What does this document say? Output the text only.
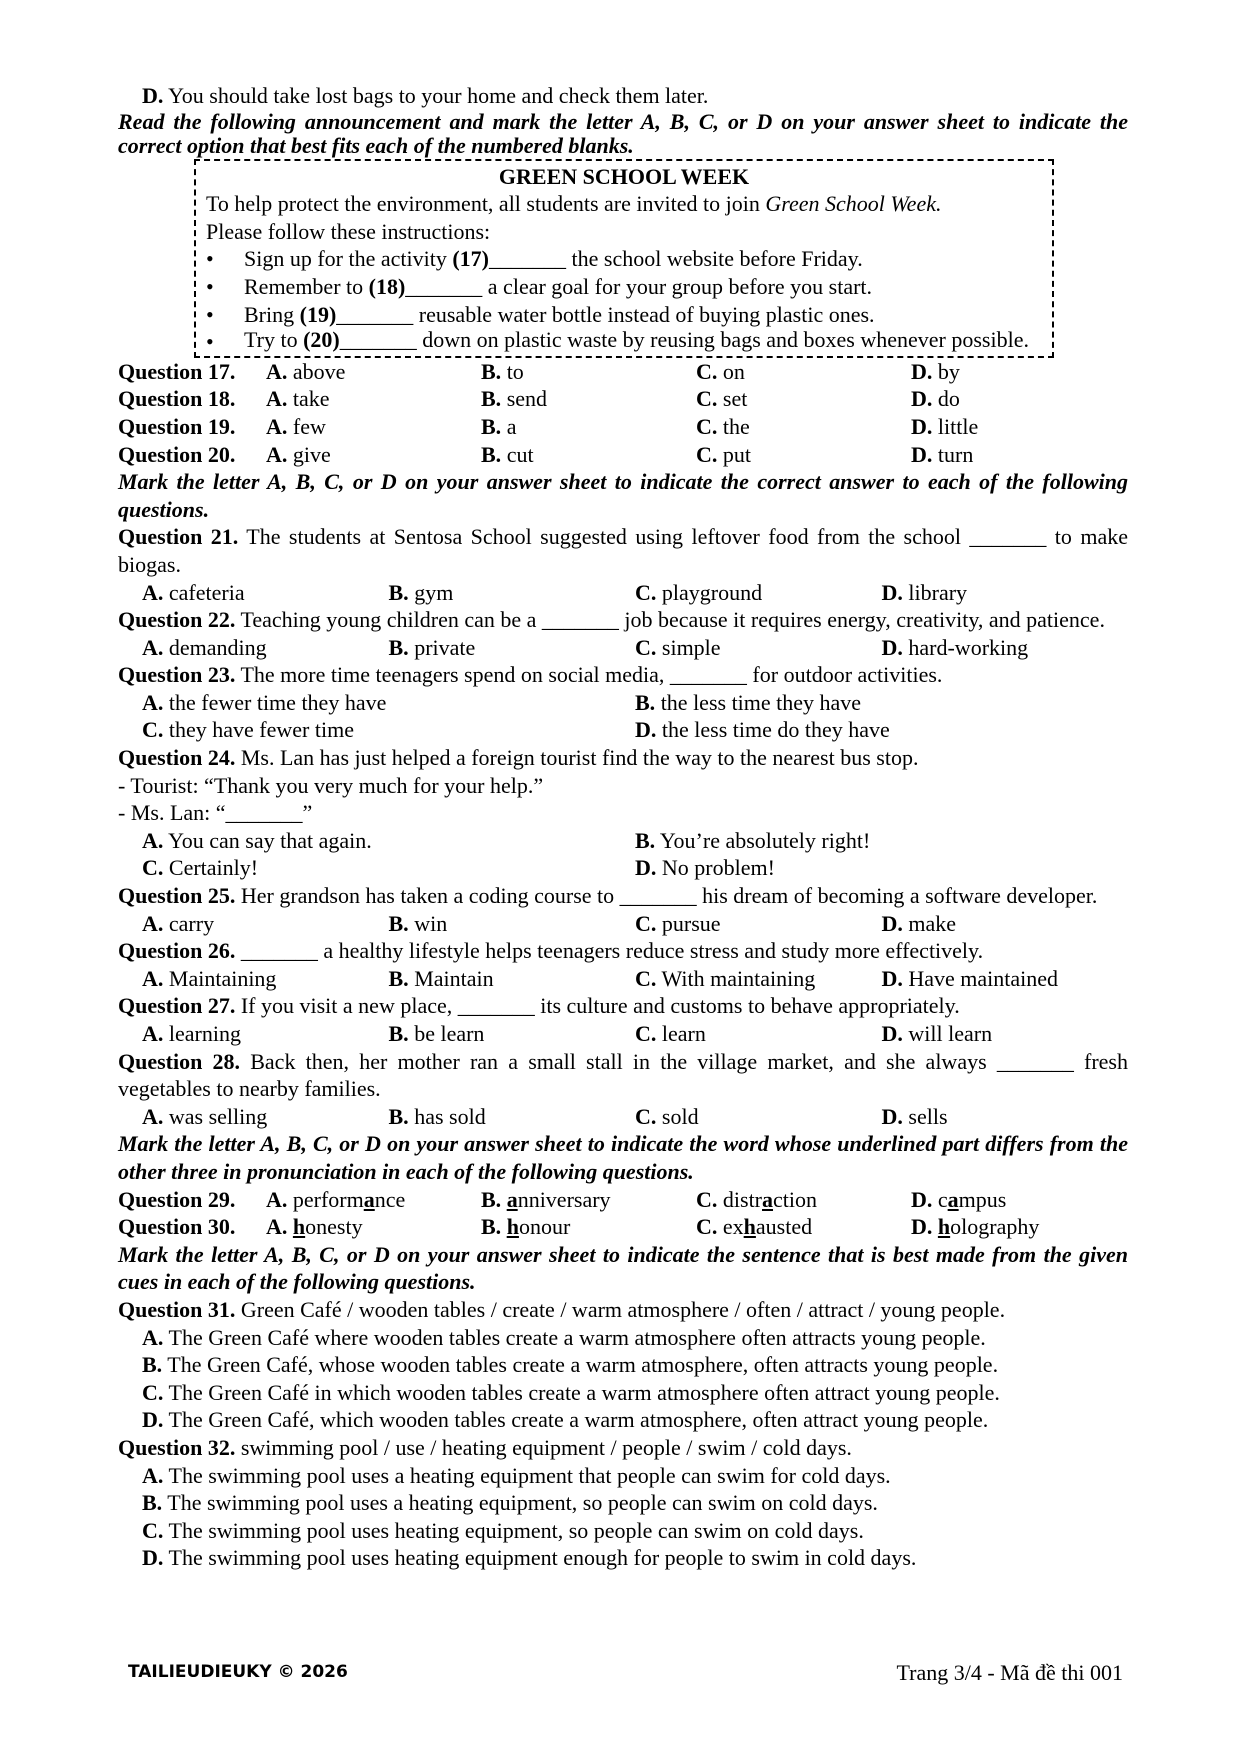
D. You should take lost bags to your home and check them later.
Read the following announcement and mark the letter A, B, C, or D on your answer sheet to indicate the correct option that best fits each of the numbered blanks.
GREEN SCHOOL WEEK
To help protect the environment, all students are invited to join Green School Week.
Please follow these instructions:
•	Sign up for the activity (17)_______ the school website before Friday.
•	Remember to (18)_______ a clear goal for your group before you start.
•	Bring (19)_______ reusable water bottle instead of buying plastic ones.
•	Try to (20)_______ down on plastic waste by reusing bags and boxes whenever possible.
Question 17.	A. above	B. to	C. on	D. by
Question 18.	A. take	B. send	C. set	D. do
Question 19.	A. few	B. a	C. the	D. little
Question 20.	A. give	B. cut	C. put	D. turn
Mark the letter A, B, C, or D on your answer sheet to indicate the correct answer to each of the following questions.
Question 21. The students at Sentosa School suggested using leftover food from the school _______ to make biogas.
A. cafeteria	B. gym	C. playground	D. library
Question 22. Teaching young children can be a _______ job because it requires energy, creativity, and patience.
A. demanding	B. private	C. simple	D. hard-working
Question 23. The more time teenagers spend on social media, _______ for outdoor activities.
A. the fewer time they have	B. the less time they have
C. they have fewer time	D. the less time do they have
Question 24. Ms. Lan has just helped a foreign tourist find the way to the nearest bus stop.
- Tourist: “Thank you very much for your help.”
- Ms. Lan: “_______”
A. You can say that again.	B. You’re absolutely right!
C. Certainly!	D. No problem!
Question 25. Her grandson has taken a coding course to _______ his dream of becoming a software developer.
A. carry	B. win	C. pursue	D. make
Question 26. _______ a healthy lifestyle helps teenagers reduce stress and study more effectively.
A. Maintaining	B. Maintain	C. With maintaining	D. Have maintained
Question 27. If you visit a new place, _______ its culture and customs to behave appropriately.
A. learning	B. be learn	C. learn	D. will learn
Question 28. Back then, her mother ran a small stall in the village market, and she always _______ fresh vegetables to nearby families.
A. was selling	B. has sold	C. sold	D. sells
Mark the letter A, B, C, or D on your answer sheet to indicate the word whose underlined part differs from the other three in pronunciation in each of the following questions.
Question 29.	A. performance	B. anniversary	C. distraction	D. campus
Question 30.	A. honesty	B. honour	C. exhausted	D. holography
Mark the letter A, B, C, or D on your answer sheet to indicate the sentence that is best made from the given cues in each of the following questions.
Question 31. Green Café / wooden tables / create / warm atmosphere / often / attract / young people.
A. The Green Café where wooden tables create a warm atmosphere often attracts young people.
B. The Green Café, whose wooden tables create a warm atmosphere, often attracts young people.
C. The Green Café in which wooden tables create a warm atmosphere often attract young people.
D. The Green Café, which wooden tables create a warm atmosphere, often attract young people.
Question 32. swimming pool / use / heating equipment / people / swim / cold days.
A. The swimming pool uses a heating equipment that people can swim for cold days.
B. The swimming pool uses a heating equipment, so people can swim on cold days.
C. The swimming pool uses heating equipment, so people can swim on cold days.
D. The swimming pool uses heating equipment enough for people to swim in cold days.
TAILIEUDIEUKY © 2026	Trang 3/4 - Mã đề thi 001
